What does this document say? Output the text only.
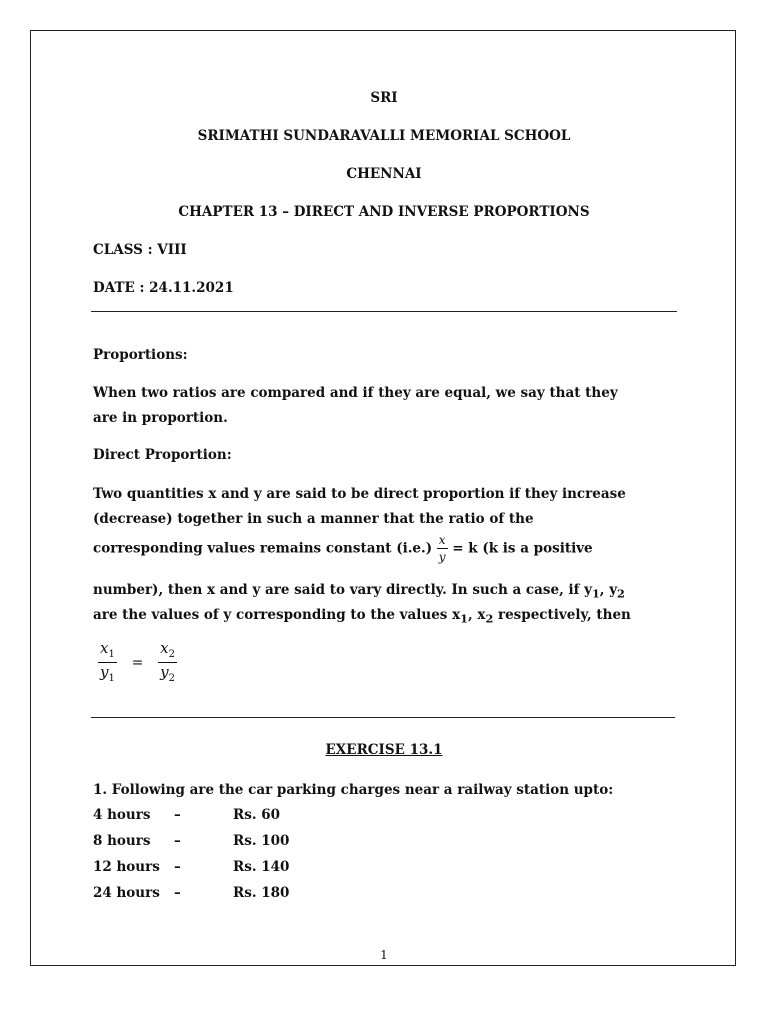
SRI
SRIMATHI SUNDARAVALLI MEMORIAL SCHOOL
CHENNAI
CHAPTER 13 – DIRECT AND INVERSE PROPORTIONS
CLASS : VIII
DATE : 24.11.2021
Proportions:
When two ratios are compared and if they are equal, we say that they
are in proportion.
Direct Proportion:
Two quantities x and y are said to be direct proportion if they increase
(decrease) together in such a manner that the ratio of the
corresponding values remains constant $(i.e.) \frac{x}{y} = k$ (k is a positive
number), then x and y are said to vary directly. In such a case, if $y_1$, $y_2$
are the values of y corresponding to the values $x_1$, $x_2$ respectively, then
$\frac{x_1}{y_1} = \frac{x_2}{y_2}$
EXERCISE 13.1
1. Following are the car parking charges near a railway station upto:
4 hours –	Rs. 60
8 hours –	Rs. 100
12 hours –	Rs. 140
24 hours –	Rs. 180
1
